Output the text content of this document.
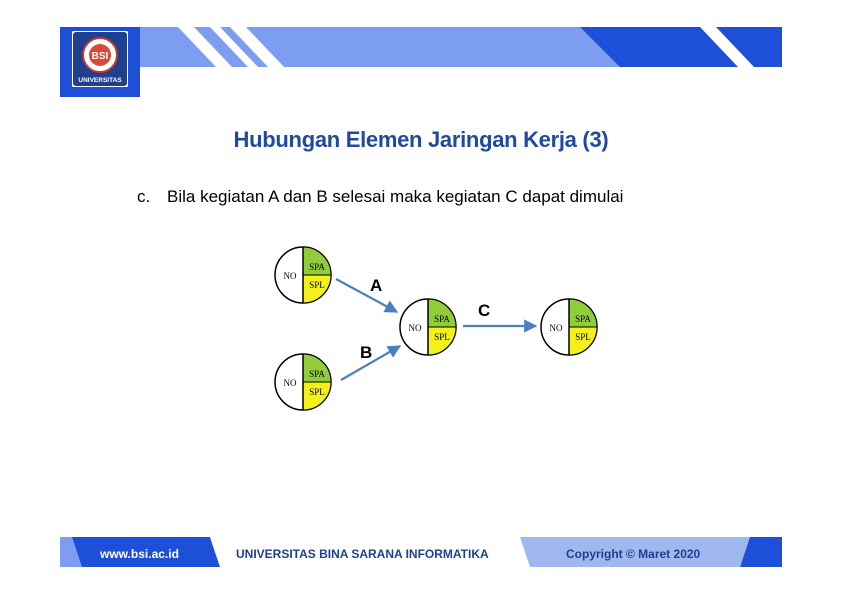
BSI
UNIVERSITAS
Hubungan Elemen Jaringan Kerja (3)
c. Bila kegiatan A dan B selesai maka kegiatan C dapat dimulai
NO
SPA
SPL
NO
SPA
SPL
NO
SPA
SPL
NO
SPA
SPL
A
B
C
www.bsi.ac.id	UNIVERSITAS BINA SARANA INFORMATIKA	Copyright © Maret 2020
